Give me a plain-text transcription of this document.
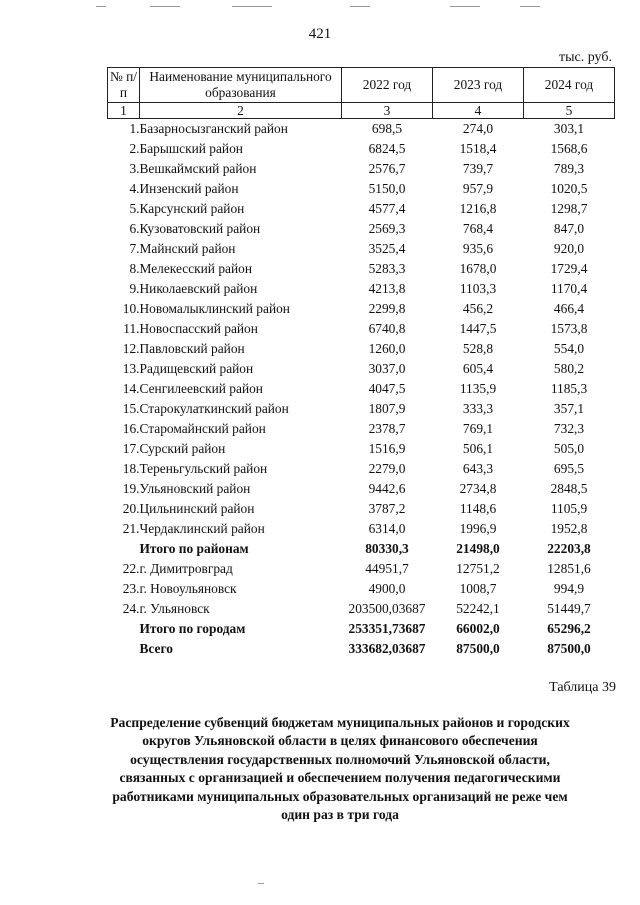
421
тыс. руб.
№ п/п	Наименование муниципального образования	2022 год	2023 год	2024 год
1	2	3	4	5
1.	Базарносызганский район	698,5	274,0	303,1
2.	Барышский район	6824,5	1518,4	1568,6
3.	Вешкаймский район	2576,7	739,7	789,3
4.	Инзенский район	5150,0	957,9	1020,5
5.	Карсунский район	4577,4	1216,8	1298,7
6.	Кузоватовский район	2569,3	768,4	847,0
7.	Майнский район	3525,4	935,6	920,0
8.	Мелекесский район	5283,3	1678,0	1729,4
9.	Николаевский район	4213,8	1103,3	1170,4
10.	Новомалыклинский район	2299,8	456,2	466,4
11.	Новоспасский район	6740,8	1447,5	1573,8
12.	Павловский район	1260,0	528,8	554,0
13.	Радищевский район	3037,0	605,4	580,2
14.	Сенгилеевский район	4047,5	1135,9	1185,3
15.	Старокулаткинский район	1807,9	333,3	357,1
16.	Старомайнский район	2378,7	769,1	732,3
17.	Сурский район	1516,9	506,1	505,0
18.	Тереньгульский район	2279,0	643,3	695,5
19.	Ульяновский район	9442,6	2734,8	2848,5
20.	Цильнинский район	3787,2	1148,6	1105,9
21.	Чердаклинский район	6314,0	1996,9	1952,8
	Итого по районам	80330,3	21498,0	22203,8
22.	г. Димитровград	44951,7	12751,2	12851,6
23.	г. Новоульяновск	4900,0	1008,7	994,9
24.	г. Ульяновск	203500,03687	52242,1	51449,7
	Итого по городам	253351,73687	66002,0	65296,2
	Всего	333682,03687	87500,0	87500,0
Таблица 39
Распределение субвенций бюджетам муниципальных районов и городских округов Ульяновской области в целях финансового обеспечения осуществления государственных полномочий Ульяновской области, связанных с организацией и обеспечением получения педагогическими работниками муниципальных образовательных организаций не реже чем один раз в три года
